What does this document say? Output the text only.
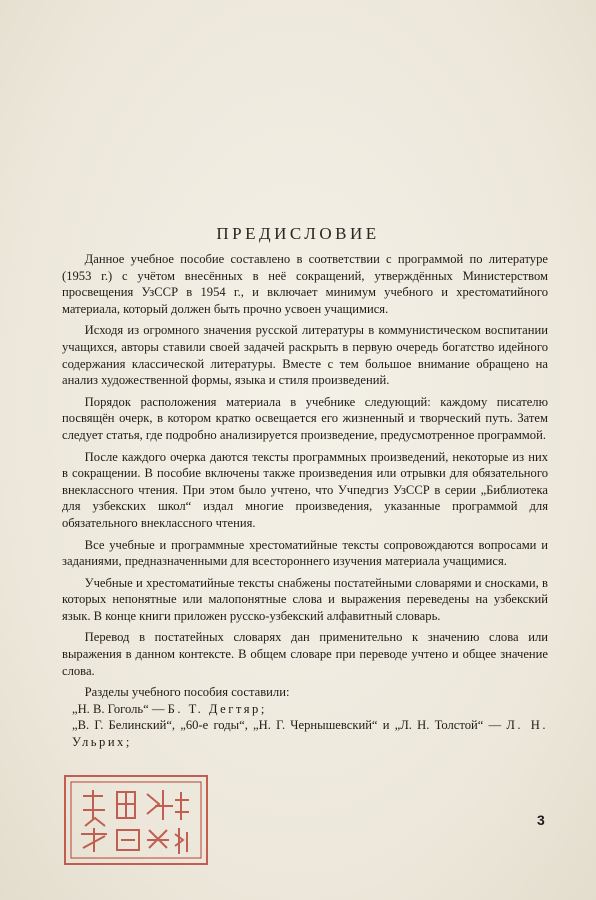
ПРЕДИСЛОВИЕ

Данное учебное пособие составлено в соответствии с программой по литературе (1953 г.) с учётом внесённых в неё сокращений, утверждённых Министерством просвещения УзССР в 1954 г., и включает минимум учебного и хрестоматийного материала, который должен быть прочно усвоен учащимися.

Исходя из огромного значения русской литературы в коммунистическом воспитании учащихся, авторы ставили своей задачей раскрыть в первую очередь богатство идейного содержания классической литературы. Вместе с тем большое внимание обращено на анализ художественной формы, языка и стиля произведений.

Порядок расположения материала в учебнике следующий: каждому писателю посвящён очерк, в котором кратко освещается его жизненный и творческий путь. Затем следует статья, где подробно анализируется произведение, предусмотренное программой.

После каждого очерка даются тексты программных произведений, некоторые из них в сокращении. В пособие включены также произведения или отрывки для обязательного внеклассного чтения. При этом было учтено, что Учпедгиз УзССР в серии „Библиотека для узбекских школ“ издал многие произведения, указанные программой для обязательного внеклассного чтения.

Все учебные и программные хрестоматийные тексты сопровождаются вопросами и заданиями, предназначенными для всестороннего изучения материала учащимися.

Учебные и хрестоматийные тексты снабжены постатейными словарями и сносками, в которых непонятные или малопонятные слова и выражения переведены на узбекский язык. В конце книги приложен русско-узбекский алфавитный словарь.

Перевод в постатейных словарях дан применительно к значению слова или выражения в данном контексте. В общем словаре при переводе учтено и общее значение слова.

Разделы учебного пособия составили:

„Н. В. Гоголь“ — Б. Т. Дегтяр;
„В. Г. Белинский“, „60-е годы“, „Н. Г. Чернышевский“ и „Л. Н. Толстой“ — Л. Н. Ульрих;
3
